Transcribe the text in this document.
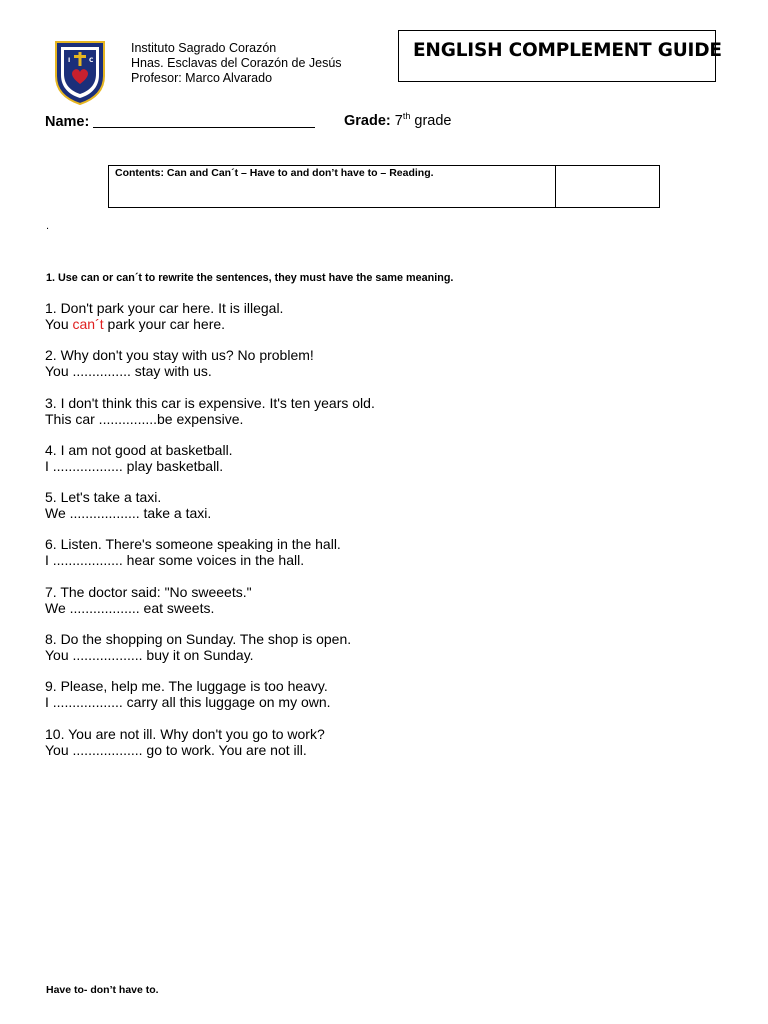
I	C
Instituto Sagrado Corazón
Hnas. Esclavas del Corazón de Jesús
Profesor: Marco Alvarado
ENGLISH COMPLEMENT GUIDE
Name:	Grade: 7th grade
Contents: Can and Can´t – Have to and don’t have to – Reading.
.
1. Use can or can´t to rewrite the sentences, they must have the same meaning.
1. Don't park your car here. It is illegal.
You can´t park your car here.
2. Why don't you stay with us? No problem!
You ............... stay with us.
3. I don't think this car is expensive. It's ten years old.
This car ...............be expensive.
4. I am not good at basketball.
I .................. play basketball.
5. Let's take a taxi.
We .................. take a taxi.
6. Listen. There's someone speaking in the hall.
I .................. hear some voices in the hall.
7. The doctor said: "No sweeets."
We .................. eat sweets.
8. Do the shopping on Sunday. The shop is open.
You .................. buy it on Sunday.
9. Please, help me. The luggage is too heavy.
I .................. carry all this luggage on my own.
10. You are not ill. Why don't you go to work?
You .................. go to work. You are not ill.
Have to- don’t have to.
